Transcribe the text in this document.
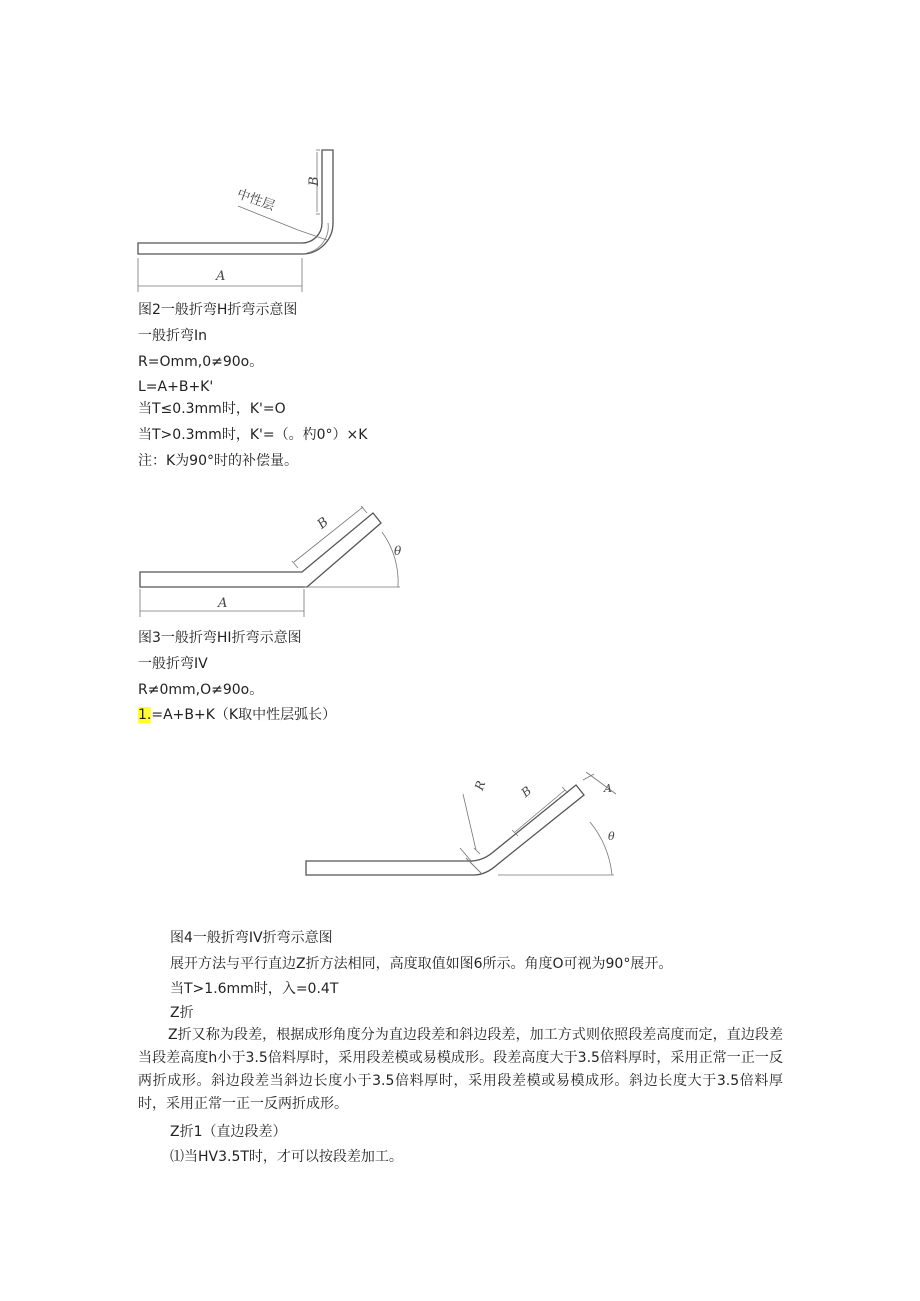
A
B
中性层
图2一般折弯H折弯示意图
一般折弯In
R=Omm,0≠90o。
L=A+B+K'
当T≤0.3mm时，K'=O
当T>0.3mm时，K'=（。杓0°）×K
注：K为90°时的补偿量。
A
B
θ
图3一般折弯HI折弯示意图
一般折弯IV
R≠0mm,O≠90o。
1.=A+B+K（K取中性层弧长）
R	B	A
θ
图4一般折弯IV折弯示意图
展开方法与平行直边Z折方法相同，高度取值如图6所示。角度O可视为90°展开。
当T>1.6mm时，入=0.4T
Z折
Z折又称为段差，根据成形角度分为直边段差和斜边段差，加工方式则依照段差高度而定，直边段差当段差高度h小于3.5倍料厚时，采用段差模或易模成形。段差高度大于3.5倍料厚时，采用正常一正一反两折成形。斜边段差当斜边长度小于3.5倍料厚时，采用段差模或易模成形。斜边长度大于3.5倍料厚时，采用正常一正一反两折成形。
Z折1（直边段差）
⑴当HV3.5T时，才可以按段差加工。
